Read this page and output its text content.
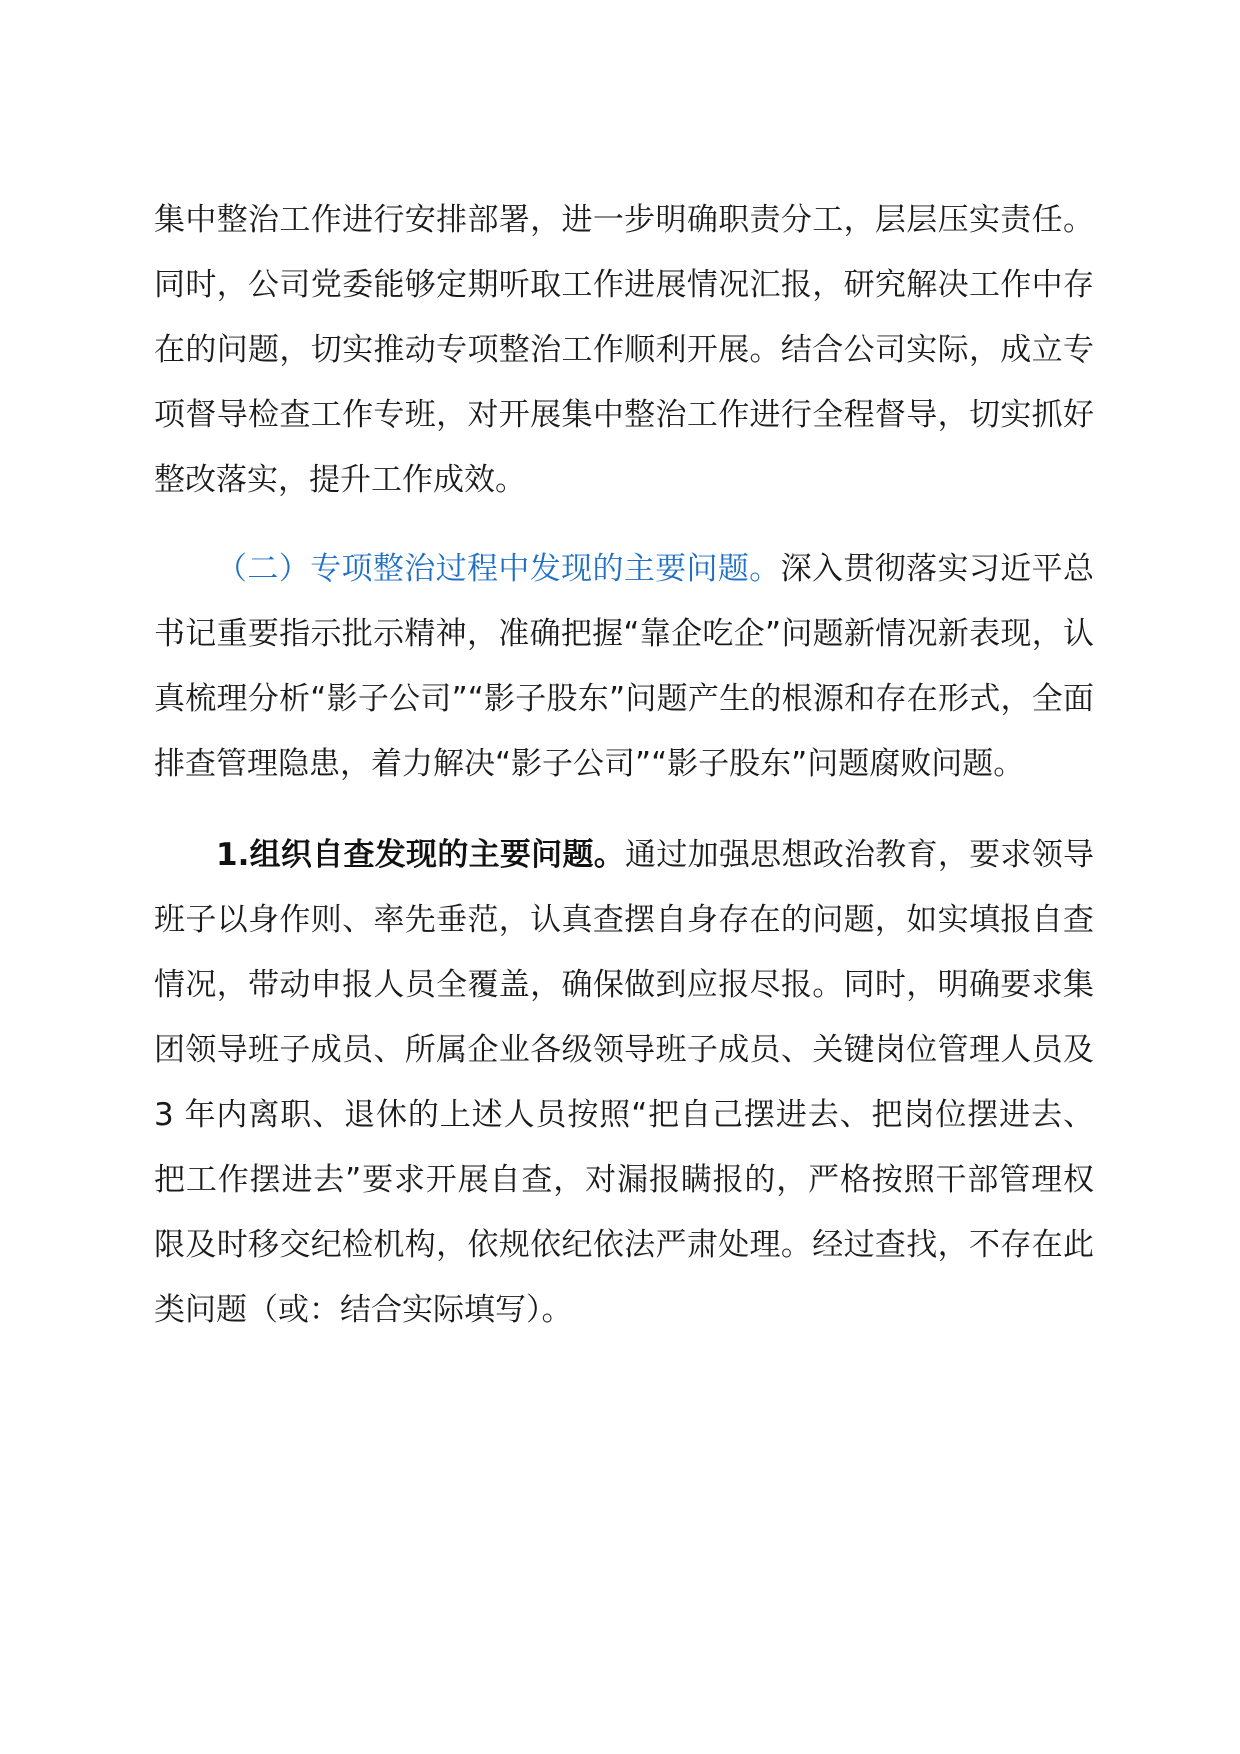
集中整治工作进行安排部署，进一步明确职责分工，层层压实责任。同时，公司党委能够定期听取工作进展情况汇报，研究解决工作中存在的问题，切实推动专项整治工作顺利开展。结合公司实际，成立专项督导检查工作专班，对开展集中整治工作进行全程督导，切实抓好整改落实，提升工作成效。

（二）专项整治过程中发现的主要问题。深入贯彻落实习近平总书记重要指示批示精神，准确把握“靠企吃企”问题新情况新表现，认真梳理分析“影子公司”“影子股东”问题产生的根源和存在形式，全面排查管理隐患，着力解决“影子公司”“影子股东”问题腐败问题。

1.组织自查发现的主要问题。通过加强思想政治教育，要求领导班子以身作则、率先垂范，认真查摆自身存在的问题，如实填报自查情况，带动申报人员全覆盖，确保做到应报尽报。同时，明确要求集团领导班子成员、所属企业各级领导班子成员、关键岗位管理人员及 3 年内离职、退休的上述人员按照“把自己摆进去、把岗位摆进去、把工作摆进去”要求开展自查，对漏报瞒报的，严格按照干部管理权限及时移交纪检机构，依规依纪依法严肃处理。经过查找，不存在此类问题（或：结合实际填写）。
